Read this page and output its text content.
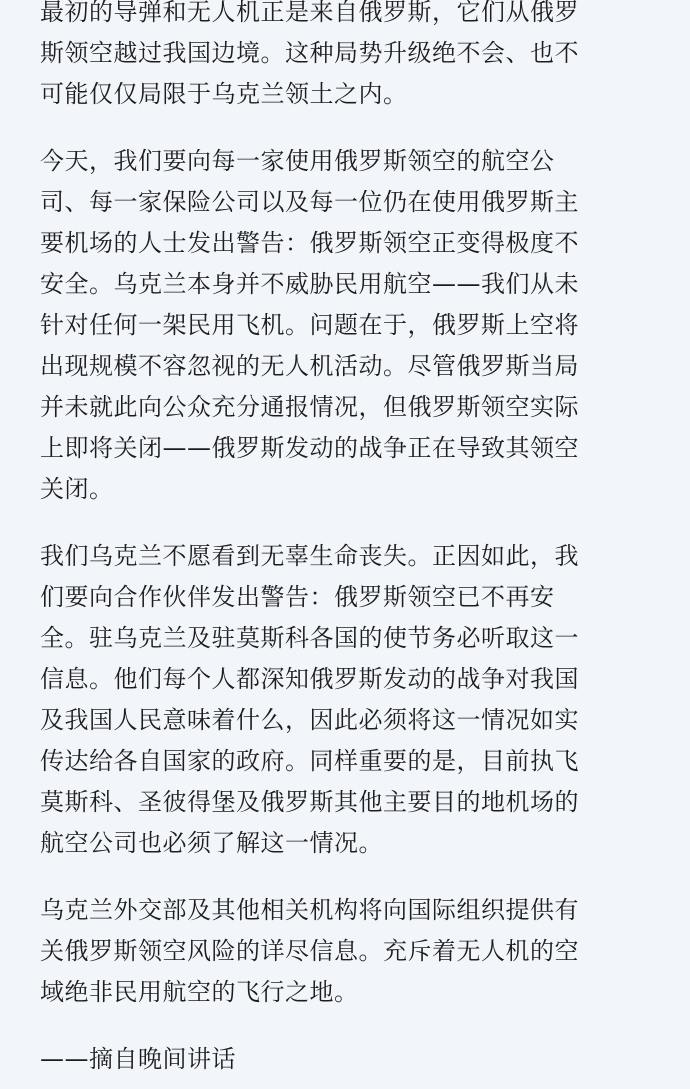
最初的导弹和无人机正是来自俄罗斯，它们从俄罗
斯领空越过我国边境。这种局势升级绝不会、也不
可能仅仅局限于乌克兰领土之内。

今天，我们要向每一家使用俄罗斯领空的航空公
司、每一家保险公司以及每一位仍在使用俄罗斯主
要机场的人士发出警告：俄罗斯领空正变得极度不
安全。乌克兰本身并不威胁民用航空——我们从未
针对任何一架民用飞机。问题在于，俄罗斯上空将
出现规模不容忽视的无人机活动。尽管俄罗斯当局
并未就此向公众充分通报情况，但俄罗斯领空实际
上即将关闭——俄罗斯发动的战争正在导致其领空
关闭。

我们乌克兰不愿看到无辜生命丧失。正因如此，我
们要向合作伙伴发出警告：俄罗斯领空已不再安
全。驻乌克兰及驻莫斯科各国的使节务必听取这一
信息。他们每个人都深知俄罗斯发动的战争对我国
及我国人民意味着什么，因此必须将这一情况如实
传达给各自国家的政府。同样重要的是，目前执飞
莫斯科、圣彼得堡及俄罗斯其他主要目的地机场的
航空公司也必须了解这一情况。

乌克兰外交部及其他相关机构将向国际组织提供有
关俄罗斯领空风险的详尽信息。充斥着无人机的空
域绝非民用航空的飞行之地。

——摘自晚间讲话
